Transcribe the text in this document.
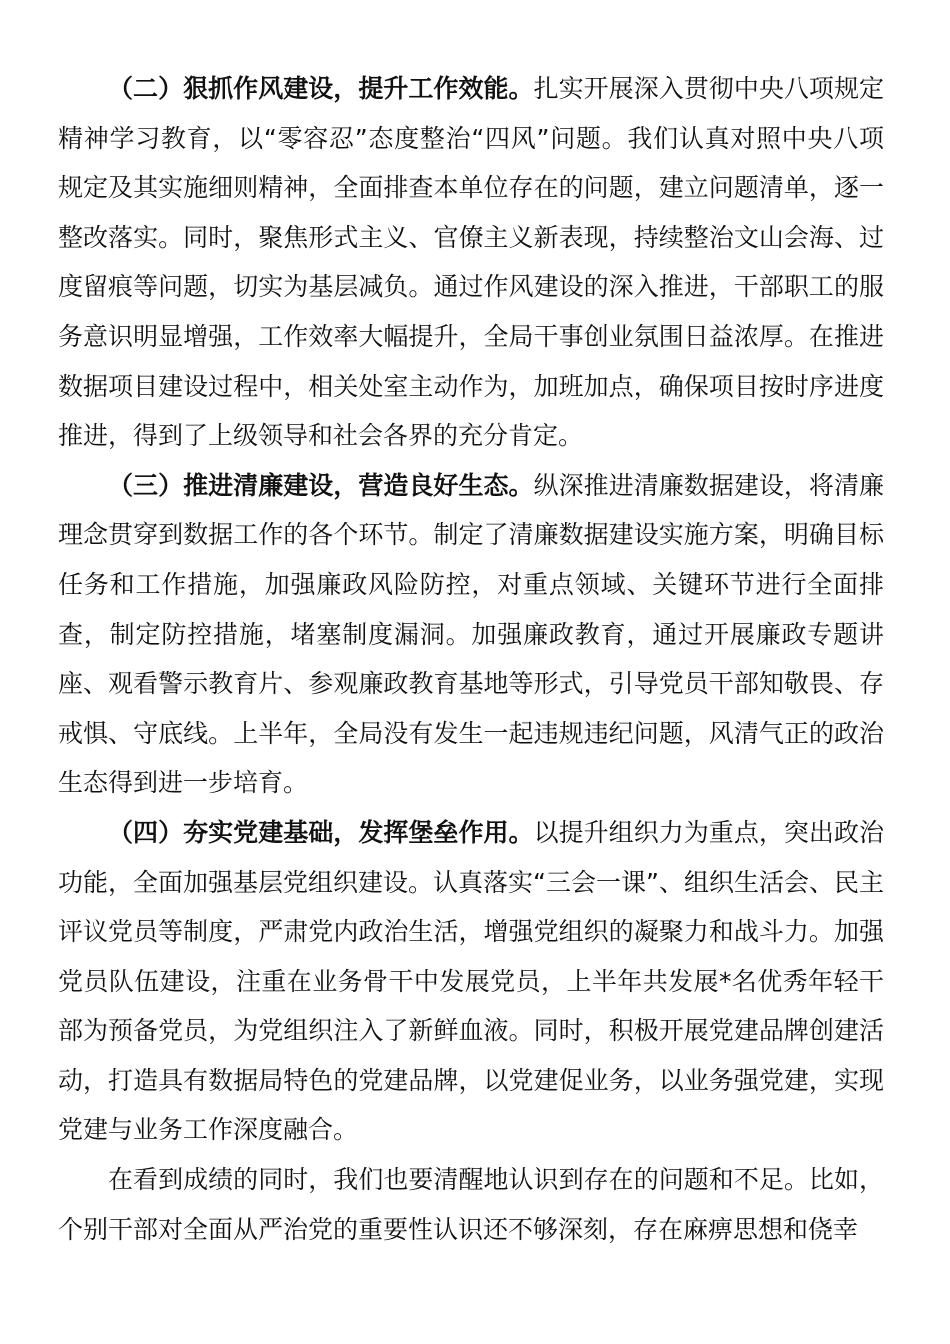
（二）狠抓作风建设，提升工作效能。扎实开展深入贯彻中央八项规定精神学习教育，以“零容忍”态度整治“四风”问题。我们认真对照中央八项规定及其实施细则精神，全面排查本单位存在的问题，建立问题清单，逐一整改落实。同时，聚焦形式主义、官僚主义新表现，持续整治文山会海、过度留痕等问题，切实为基层减负。通过作风建设的深入推进，干部职工的服务意识明显增强，工作效率大幅提升，全局干事创业氛围日益浓厚。在推进数据项目建设过程中，相关处室主动作为，加班加点，确保项目按时序进度推进，得到了上级领导和社会各界的充分肯定。

（三）推进清廉建设，营造良好生态。纵深推进清廉数据建设，将清廉理念贯穿到数据工作的各个环节。制定了清廉数据建设实施方案，明确目标任务和工作措施，加强廉政风险防控，对重点领域、关键环节进行全面排查，制定防控措施，堵塞制度漏洞。加强廉政教育，通过开展廉政专题讲座、观看警示教育片、参观廉政教育基地等形式，引导党员干部知敬畏、存戒惧、守底线。上半年，全局没有发生一起违规违纪问题，风清气正的政治生态得到进一步培育。

（四）夯实党建基础，发挥堡垒作用。以提升组织力为重点，突出政治功能，全面加强基层党组织建设。认真落实“三会一课”、组织生活会、民主评议党员等制度，严肃党内政治生活，增强党组织的凝聚力和战斗力。加强党员队伍建设，注重在业务骨干中发展党员，上半年共发展*名优秀年轻干部为预备党员，为党组织注入了新鲜血液。同时，积极开展党建品牌创建活动，打造具有数据局特色的党建品牌，以党建促业务，以业务强党建，实现党建与业务工作深度融合。

在看到成绩的同时，我们也要清醒地认识到存在的问题和不足。比如，个别干部对全面从严治党的重要性认识还不够深刻，存在麻痹思想和侥幸
